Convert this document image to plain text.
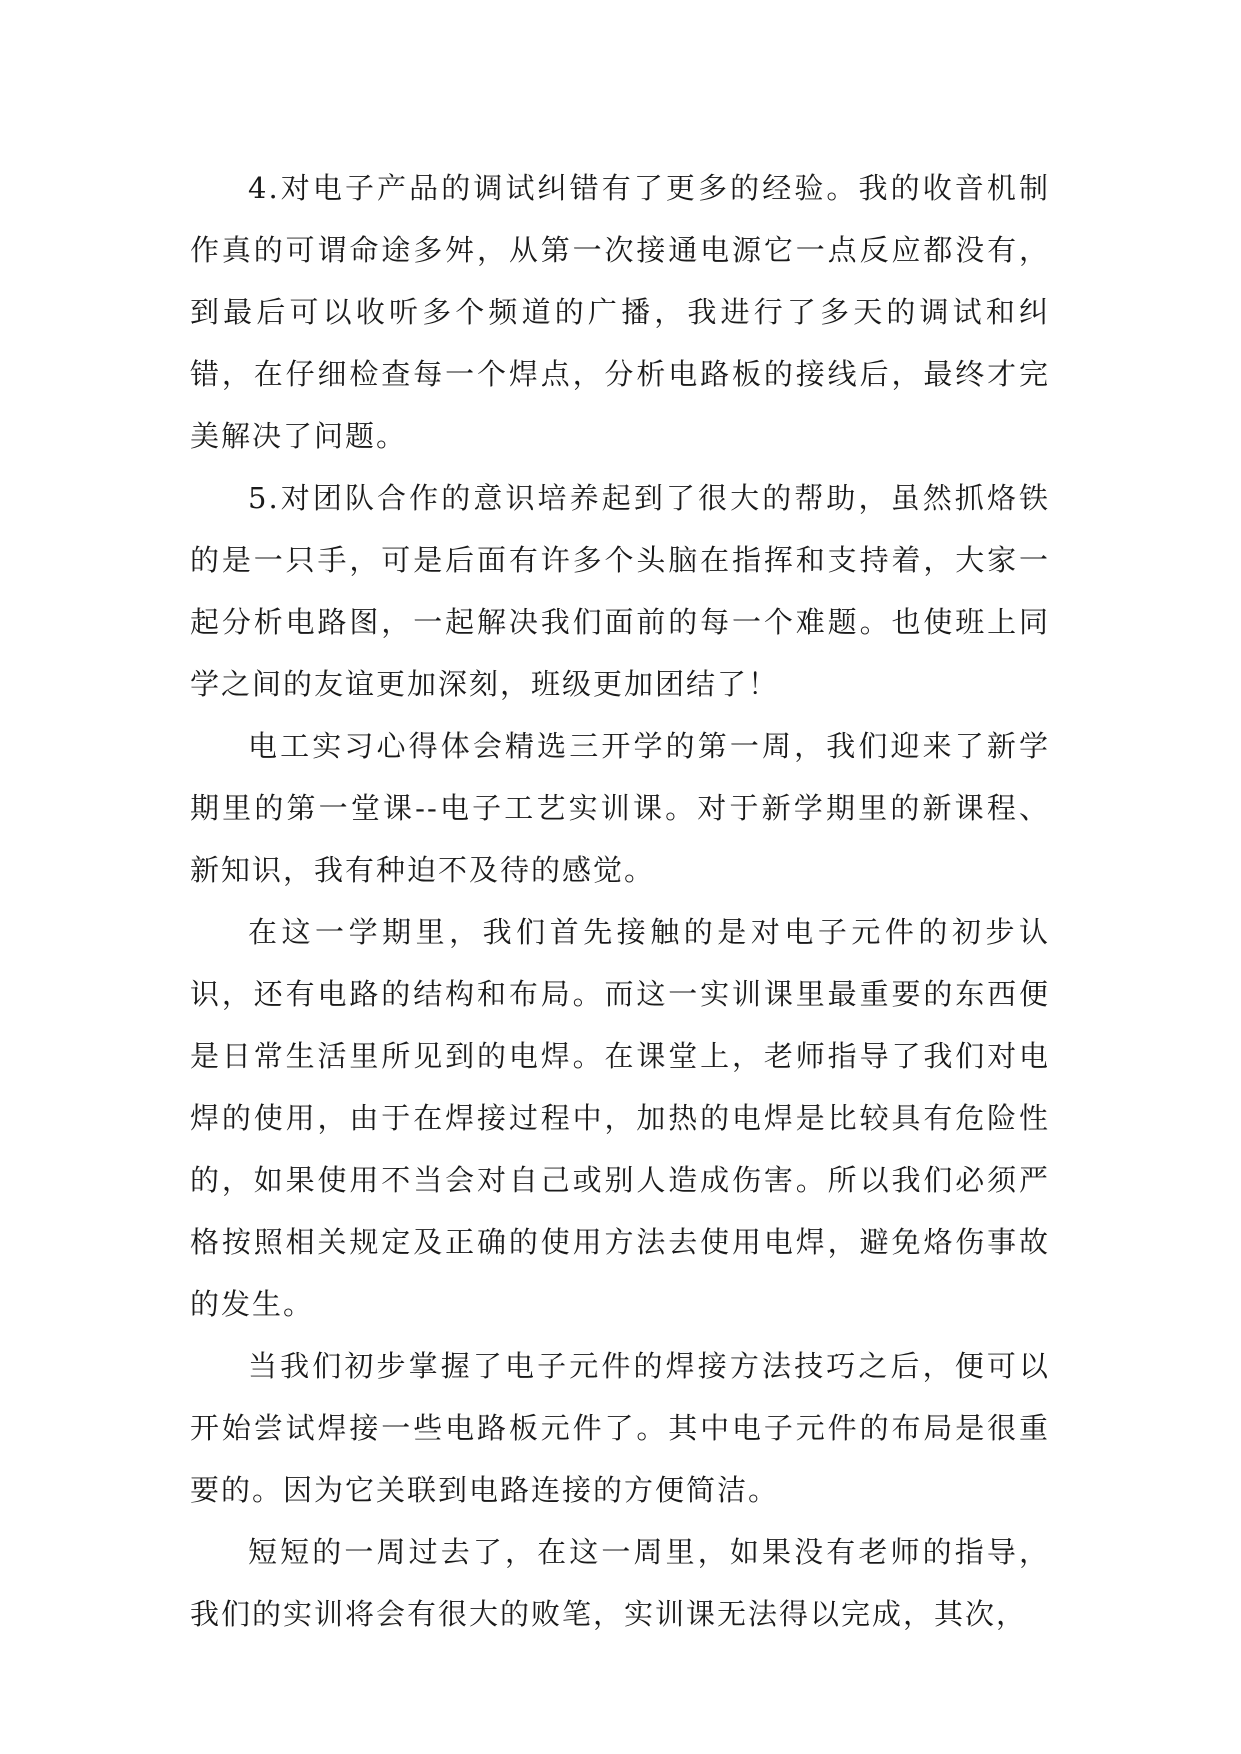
4.对电子产品的调试纠错有了更多的经验。我的收音机制作真的可谓命途多舛，从第一次接通电源它一点反应都没有，到最后可以收听多个频道的广播，我进行了多天的调试和纠错，在仔细检查每一个焊点，分析电路板的接线后，最终才完美解决了问题。

5.对团队合作的意识培养起到了很大的帮助，虽然抓烙铁的是一只手，可是后面有许多个头脑在指挥和支持着，大家一起分析电路图，一起解决我们面前的每一个难题。也使班上同学之间的友谊更加深刻，班级更加团结了！

电工实习心得体会精选三开学的第一周，我们迎来了新学期里的第一堂课--电子工艺实训课。对于新学期里的新课程、新知识，我有种迫不及待的感觉。

在这一学期里，我们首先接触的是对电子元件的初步认识，还有电路的结构和布局。而这一实训课里最重要的东西便是日常生活里所见到的电焊。在课堂上，老师指导了我们对电焊的使用，由于在焊接过程中，加热的电焊是比较具有危险性的，如果使用不当会对自己或别人造成伤害。所以我们必须严格按照相关规定及正确的使用方法去使用电焊，避免烙伤事故的发生。

当我们初步掌握了电子元件的焊接方法技巧之后，便可以开始尝试焊接一些电路板元件了。其中电子元件的布局是很重要的。因为它关联到电路连接的方便简洁。

短短的一周过去了，在这一周里，如果没有老师的指导，我们的实训将会有很大的败笔，实训课无法得以完成，其次，
